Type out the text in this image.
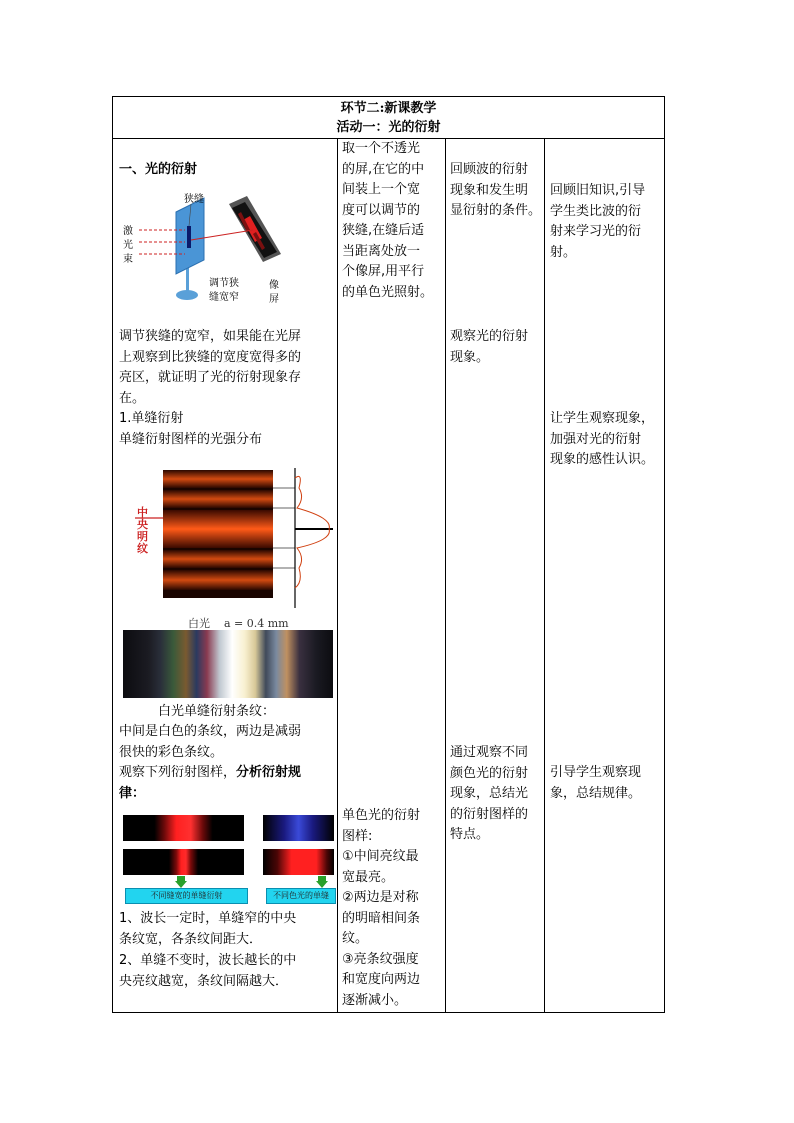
环节二:新课教学
活动一：光的衍射
一、光的衍射
狭缝
激
光
束
调节狭
缝宽窄
像
屏
调节狭缝的宽窄，如果能在光屏
上观察到比狭缝的宽度宽得多的
亮区，就证明了光的衍射现象存
在。
1.单缝衍射
单缝衍射图样的光强分布
中
央
明
纹
白光    a = 0.4 mm
白光单缝衍射条纹：
中间是白色的条纹，两边是减弱
很快的彩色条纹。
观察下列衍射图样，分析衍射规
律：
不同缝宽的单缝衍射	不同色光的单缝
1、波长一定时，单缝窄的中央
条纹宽，各条纹间距大．
2、单缝不变时，波长越长的中
央亮纹越宽，条纹间隔越大．
取一个不透光
的屏,在它的中
间装上一个宽
度可以调节的
狭缝,在缝后适
当距离处放一
个像屏,用平行
的单色光照射。
单色光的衍射
图样:
①中间亮纹最
宽最亮。
②两边是对称
的明暗相间条
纹。
③亮条纹强度
和宽度向两边
逐渐减小。
回顾波的衍射
现象和发生明
显衍射的条件。
观察光的衍射
现象。
通过观察不同
颜色光的衍射
现象，总结光
的衍射图样的
特点。
回顾旧知识,引导
学生类比波的衍
射来学习光的衍
射。
让学生观察现象，
加强对光的衍射
现象的感性认识。
引导学生观察现
象，总结规律。
